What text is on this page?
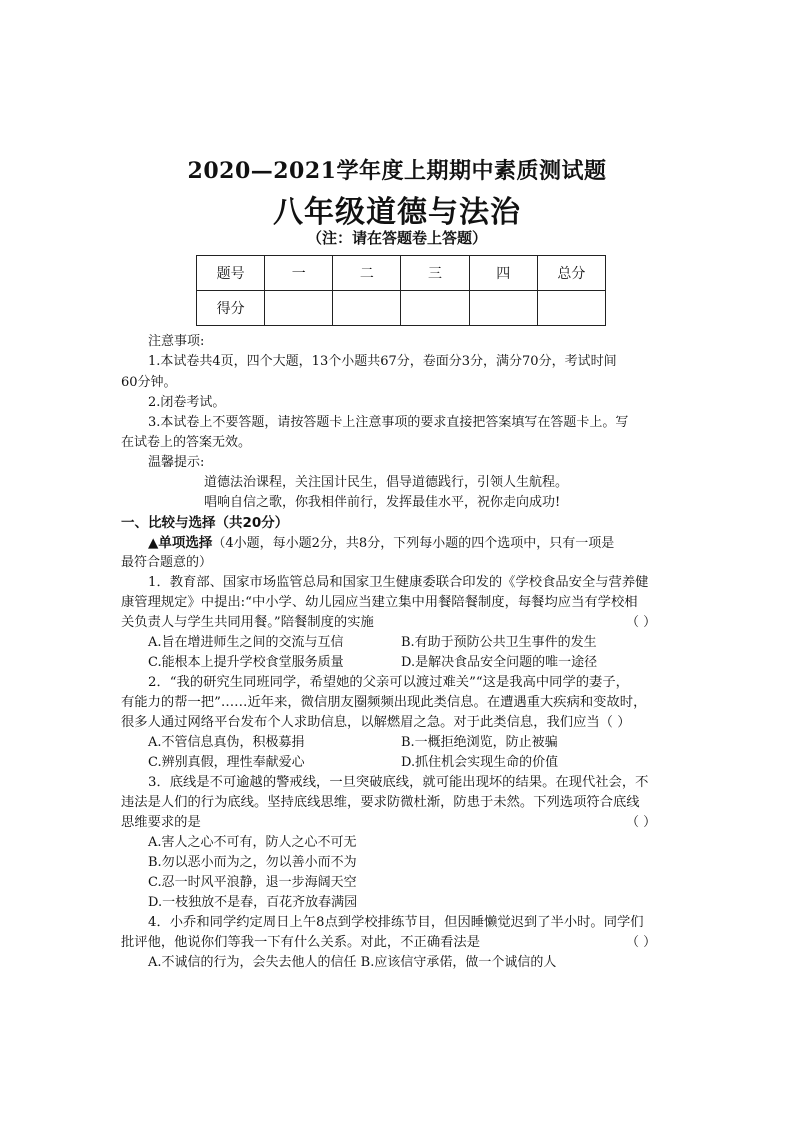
2020—2021学年度上期期中素质测试题
八年级道德与法治
（注：请在答题卷上答题）
题号	一	二	三	四	总分
得分					
注意事项:
1.本试卷共4页，四个大题，13个小题共67分，卷面分3分，满分70分，考试时间
60分钟。
2.闭卷考试。
3.本试卷上不要答题，请按答题卡上注意事项的要求直接把答案填写在答题卡上。写
在试卷上的答案无效。
温馨提示:
道德法治课程，关注国计民生，倡导道德践行，引领人生航程。
唱响自信之歌，你我相伴前行，发挥最佳水平，祝你走向成功!
一、比较与选择（共20分）
▲单项选择（4小题，每小题2分，共8分，下列每小题的四个选项中，只有一项是
最符合题意的）
1．教育部、国家市场监管总局和国家卫生健康委联合印发的《学校食品安全与营养健
康管理规定》中提出:“中小学、幼儿园应当建立集中用餐陪餐制度，每餐均应当有学校相
关负责人与学生共同用餐。”陪餐制度的实施	（ ）
A.旨在增进师生之间的交流与互信	B.有助于预防公共卫生事件的发生
C.能根本上提升学校食堂服务质量	D.是解决食品安全问题的唯一途径
2．“我的研究生同班同学，希望她的父亲可以渡过难关”“这是我高中同学的妻子，
有能力的帮一把”……近年来，微信朋友圈频频出现此类信息。在遭遇重大疾病和变故时，
很多人通过网络平台发布个人求助信息，以解燃眉之急。对于此类信息，我们应当（ ）
A.不管信息真伪，积极募捐	B.一概拒绝浏览，防止被骗
C.辨别真假，理性奉献爱心	D.抓住机会实现生命的价值
3．底线是不可逾越的警戒线，一旦突破底线，就可能出现坏的结果。在现代社会，不
违法是人们的行为底线。坚持底线思维，要求防微杜渐，防患于未然。下列选项符合底线
思维要求的是	（ ）
A.害人之心不可有，防人之心不可无
B.勿以恶小而为之，勿以善小而不为
C.忍一时风平浪静，退一步海阔天空
D.一枝独放不是春，百花齐放春满园
4．小乔和同学约定周日上午8点到学校排练节目，但因睡懒觉迟到了半小时。同学们
批评他，他说你们等我一下有什么关系。对此，不正确看法是	（ ）
A.不诚信的行为，会失去他人的信任 B.应该信守承偌，做一个诚信的人
